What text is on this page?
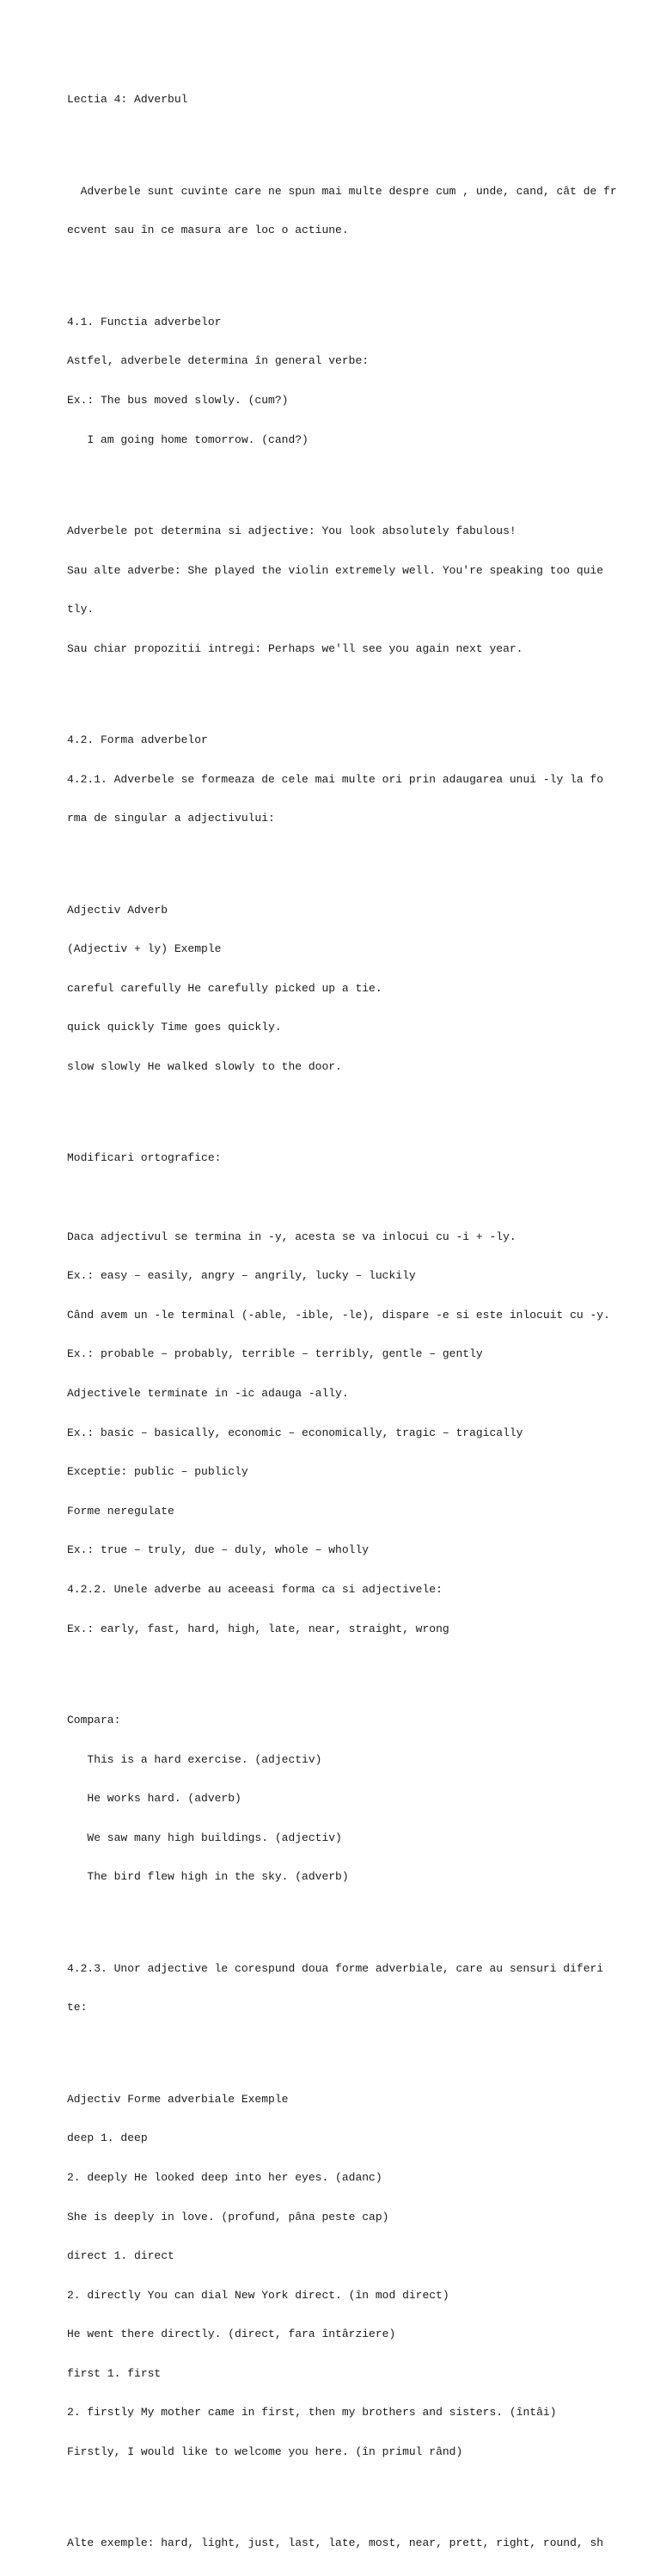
Lectia 4: Adverbul

Adverbele sunt cuvinte care ne spun mai multe despre cum , unde, cand, cât de fr

ecvent sau în ce masura are loc o actiune.

4.1. Functia adverbelor

Astfel, adverbele determina în general verbe:

Ex.: The bus moved slowly. (cum?)

I am going home tomorrow. (cand?)

Adverbele pot determina si adjective: You look absolutely fabulous!

Sau alte adverbe: She played the violin extremely well. You're speaking too quie

tly.

Sau chiar propozitii intregi: Perhaps we'll see you again next year.

4.2. Forma adverbelor

4.2.1. Adverbele se formeaza de cele mai multe ori prin adaugarea unui -ly la fo

rma de singular a adjectivului:

Adjectiv Adverb

(Adjectiv + ly) Exemple

careful carefully He carefully picked up a tie.

quick quickly Time goes quickly.

slow slowly He walked slowly to the door.

Modificari ortografice:

Daca adjectivul se termina in -y, acesta se va inlocui cu -i + -ly.

Ex.: easy – easily, angry – angrily, lucky – luckily

Când avem un -le terminal (-able, -ible, -le), dispare -e si este inlocuit cu -y.

Ex.: probable – probably, terrible – terribly, gentle – gently

Adjectivele terminate in -ic adauga -ally.

Ex.: basic – basically, economic – economically, tragic – tragically

Exceptie: public – publicly

Forme neregulate

Ex.: true – truly, due – duly, whole – wholly

4.2.2. Unele adverbe au aceeasi forma ca si adjectivele:

Ex.: early, fast, hard, high, late, near, straight, wrong

Compara:

This is a hard exercise. (adjectiv)

He works hard. (adverb)

We saw many high buildings. (adjectiv)

The bird flew high in the sky. (adverb)

4.2.3. Unor adjective le corespund doua forme adverbiale, care au sensuri diferi

te:

Adjectiv Forme adverbiale Exemple

deep 1. deep

2. deeply He looked deep into her eyes. (adanc)

She is deeply in love. (profund, pâna peste cap)

direct 1. direct

2. directly You can dial New York direct. (în mod direct)

He went there directly. (direct, fara întârziere)

first 1. first

2. firstly My mother came in first, then my brothers and sisters. (întâi)

Firstly, I would like to welcome you here. (în primul rând)

Alte exemple: hard, light, just, last, late, most, near, prett, right, round, sh
